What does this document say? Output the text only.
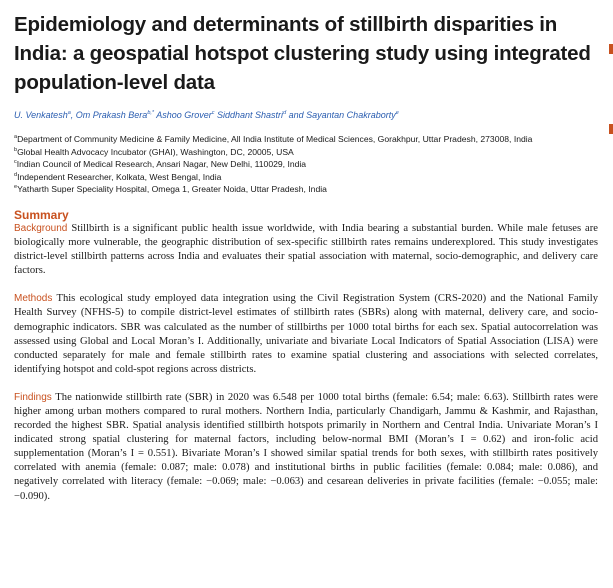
Epidemiology and determinants of stillbirth disparities in India: a geospatial hotspot clustering study using integrated population-level data
U. Venkatesh$^a$, Om Prakash Bera$^{b,*}$ Ashoo Grover$^c$ Siddhant Shastri$^d$ and Sayantan Chakraborty$^e$
$^a$Department of Community Medicine & Family Medicine, All India Institute of Medical Sciences, Gorakhpur, Uttar Pradesh, 273008, India
$^b$Global Health Advocacy Incubator (GHAI), Washington, DC, 20005, USA
$^c$Indian Council of Medical Research, Ansari Nagar, New Delhi, 110029, India
$^d$Independent Researcher, Kolkata, West Bengal, India
$^e$Yatharth Super Speciality Hospital, Omega 1, Greater Noida, Uttar Pradesh, India
Summary

Background Stillbirth is a significant public health issue worldwide, with India bearing a substantial burden. While male fetuses are biologically more vulnerable, the geographic distribution of sex-specific stillbirth rates remains underexplored. This study investigates district-level stillbirth patterns across India and evaluates their spatial association with maternal, socio-demographic, and delivery care factors.

Methods This ecological study employed data integration using the Civil Registration System (CRS-2020) and the National Family Health Survey (NFHS-5) to compile district-level estimates of stillbirth rates (SBRs) along with maternal, delivery care, and socio-demographic indicators. SBR was calculated as the number of stillbirths per 1000 total births for each sex. Spatial autocorrelation was assessed using Global and Local Moran’s I. Additionally, univariate and bivariate Local Indicators of Spatial Association (LISA) were conducted separately for male and female stillbirth rates to examine spatial clustering and associations with selected correlates, identifying hotspot and cold-spot regions across districts.

Findings The nationwide stillbirth rate (SBR) in 2020 was 6.548 per 1000 total births (female: 6.54; male: 6.63). Stillbirth rates were higher among urban mothers compared to rural mothers. Northern India, particularly Chandigarh, Jammu & Kashmir, and Rajasthan, recorded the highest SBR. Spatial analysis identified stillbirth hotspots primarily in Northern and Central India. Univariate Moran’s I indicated strong spatial clustering for maternal factors, including below-normal BMI (Moran’s I = 0.62) and iron-folic acid supplementation (Moran’s I = 0.551). Bivariate Moran’s I showed similar spatial trends for both sexes, with stillbirth rates positively correlated with anemia (female: 0.087; male: 0.078) and institutional births in public facilities (female: 0.084; male: 0.086), and negatively correlated with literacy (female: −0.069; male: −0.063) and cesarean deliveries in private facilities (female: −0.055; male: −0.090).
